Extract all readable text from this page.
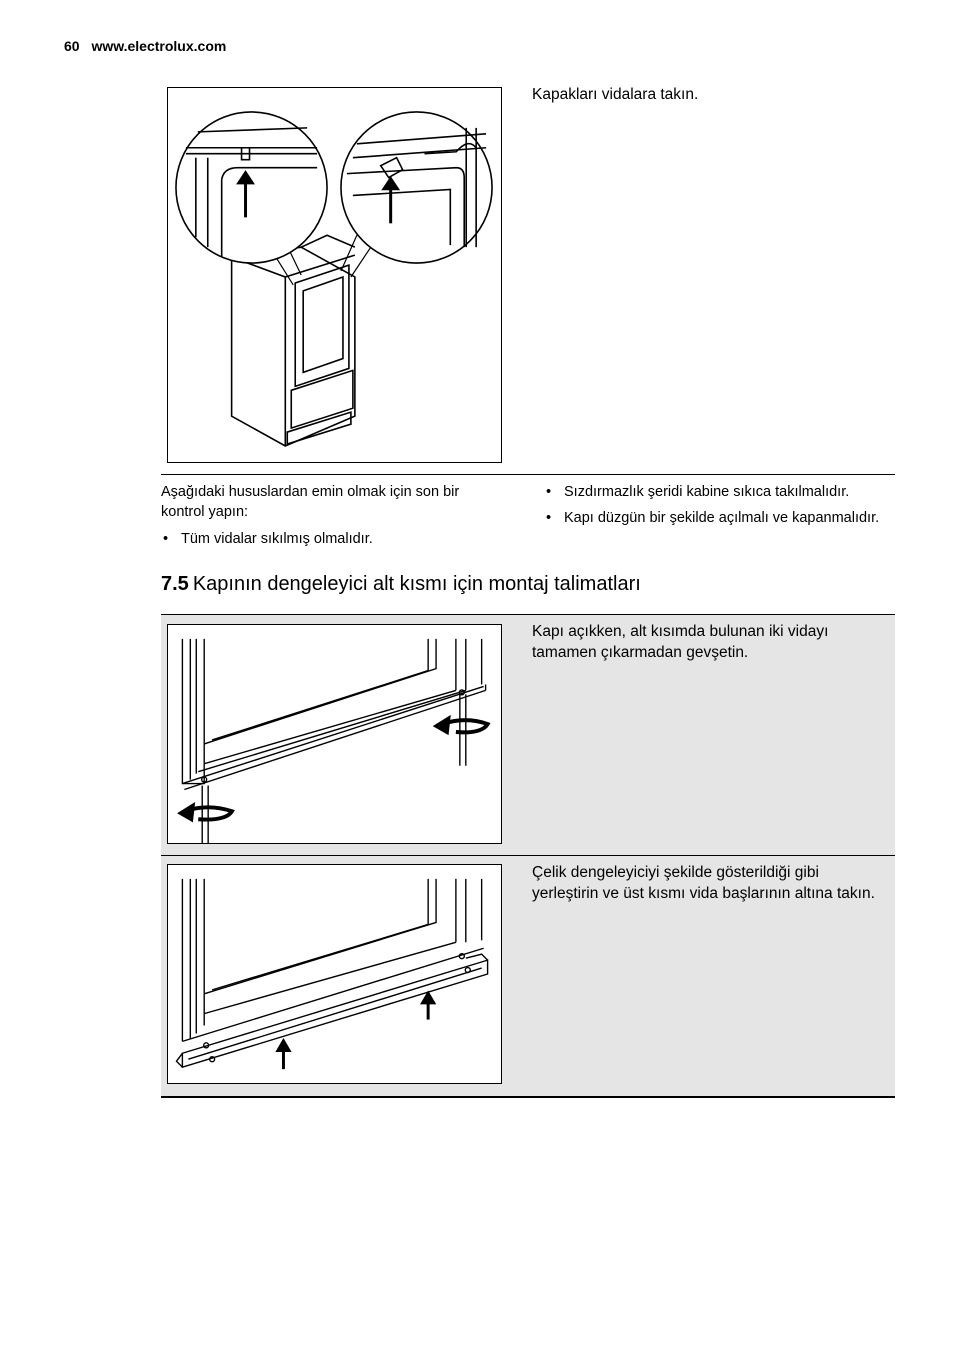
60 www.electrolux.com
Kapakları vidalara takın.
Aşağıdaki hususlardan emin olmak için son bir kontrol yapın:
• Tüm vidalar sıkılmış olmalıdır.
• Sızdırmazlık şeridi kabine sıkıca takılmalıdır.
• Kapı düzgün bir şekilde açılmalı ve kapanmalıdır.
7.5 Kapının dengeleyici alt kısmı için montaj talimatları
Kapı açıkken, alt kısımda bulunan iki vidayı tamamen çıkarmadan gevşetin.
Çelik dengeleyiciyi şekilde gösterildiği gibi yerleştirin ve üst kısmı vida başlarının altına takın.
